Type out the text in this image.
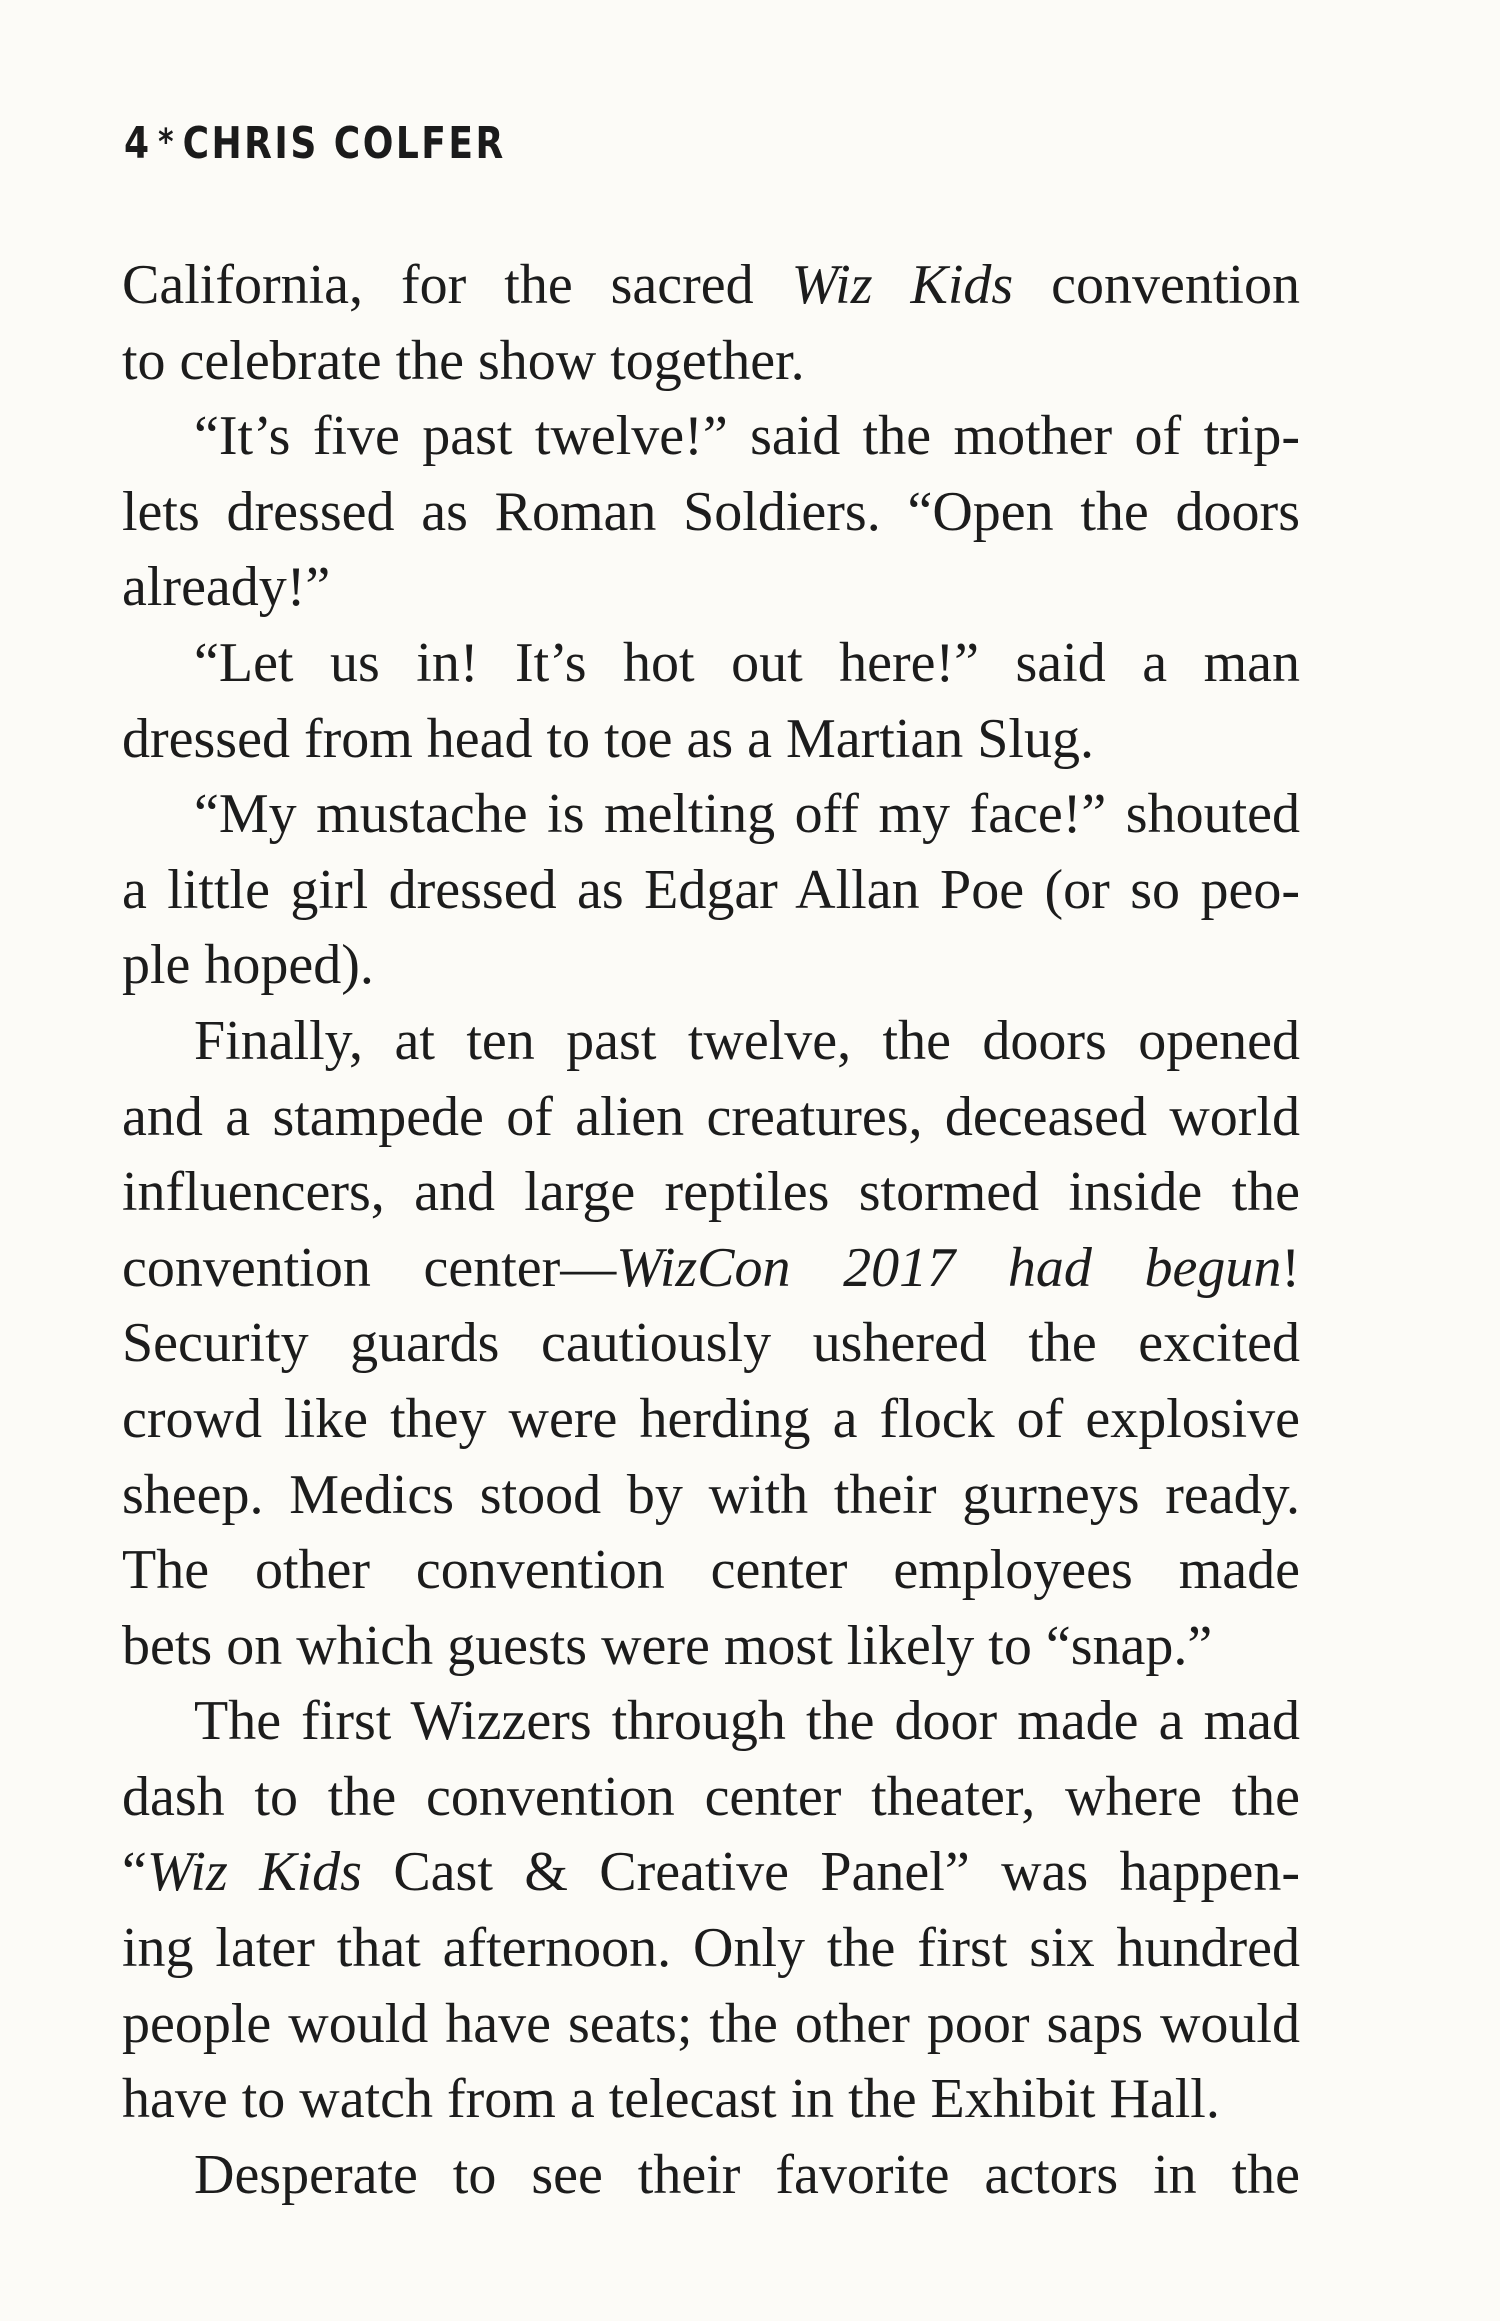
4 * CHRIS COLFER
California, for the sacred Wiz Kids convention
to celebrate the show together.
“It’s five past twelve!” said the mother of trip-
lets dressed as Roman Soldiers. “Open the doors
already!”
“Let us in! It’s hot out here!” said a man
dressed from head to toe as a Martian Slug.
“My mustache is melting off my face!” shouted
a little girl dressed as Edgar Allan Poe (or so peo-
ple hoped).
Finally, at ten past twelve, the doors opened
and a stampede of alien creatures, deceased world
influencers, and large reptiles stormed inside the
convention center—WizCon 2017 had begun!
Security guards cautiously ushered the excited
crowd like they were herding a flock of explosive
sheep. Medics stood by with their gurneys ready.
The other convention center employees made
bets on which guests were most likely to “snap.”
The first Wizzers through the door made a mad
dash to the convention center theater, where the
“Wiz Kids Cast & Creative Panel” was happen-
ing later that afternoon. Only the first six hundred
people would have seats; the other poor saps would
have to watch from a telecast in the Exhibit Hall.
Desperate to see their favorite actors in the
